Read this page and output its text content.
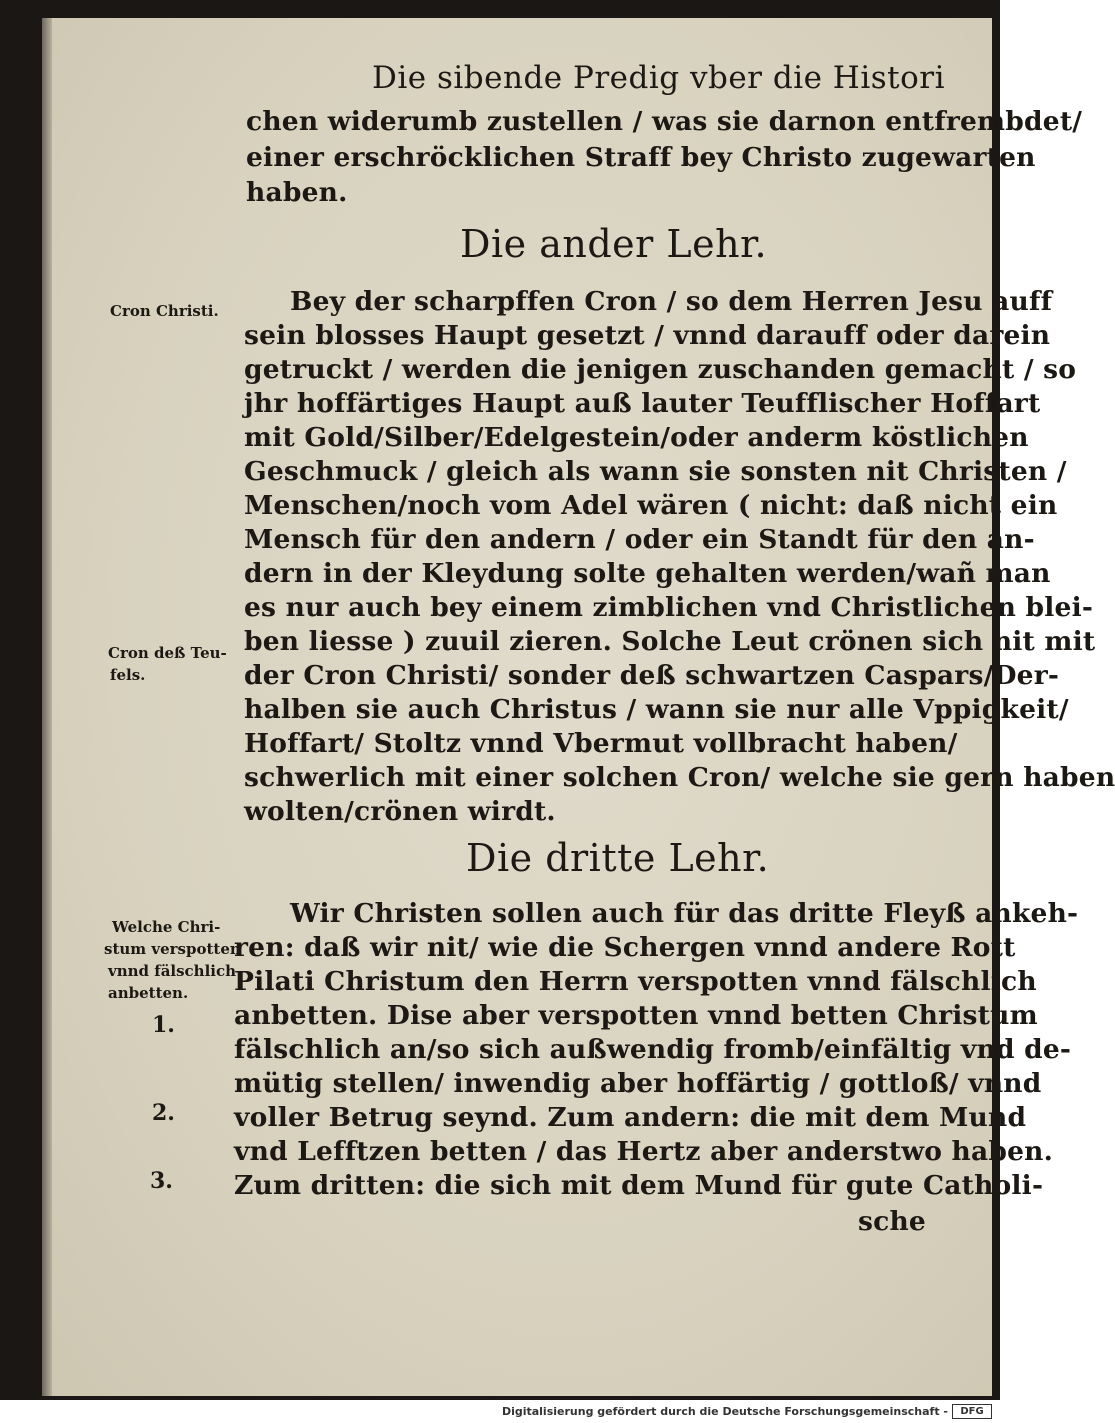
Die sibende Predig vber die Histori
chen widerumb zustellen / was sie darnon entfrembdet/
einer erschröcklichen Straff bey Christo zugewarten
haben.
Die ander Lehr.
Cron Christi.
Cron deß Teu-
fels.
Bey der scharpffen Cron / so dem Herren Jesu auff
sein blosses Haupt gesetzt / vnnd darauff oder darein
getruckt / werden die jenigen zuschanden gemacht / so
jhr hoffärtiges Haupt auß lauter Teufflischer Hoffart
mit Gold/Silber/Edelgestein/oder anderm köstlichen
Geschmuck / gleich als wann sie sonsten nit Christen /
Menschen/noch vom Adel wären ( nicht: daß nicht ein
Mensch für den andern / oder ein Standt für den an-
dern in der Kleydung solte gehalten werden/wañ man
es nur auch bey einem zimblichen vnd Christlichen blei-
ben liesse ) zuuil zieren. Solche Leut crönen sich nit mit
der Cron Christi/ sonder deß schwartzen Caspars/Der-
halben sie auch Christus / wann sie nur alle Vppigkeit/
Hoffart/ Stoltz vnnd Vbermut vollbracht haben/
schwerlich mit einer solchen Cron/ welche sie gern haben
wolten/crönen wirdt.
Die dritte Lehr.
Welche Chri-
stum verspotten
vnnd fälschlich
anbetten.
1.
2.
3.
Wir Christen sollen auch für das dritte Fleyß ankeh-
ren: daß wir nit/ wie die Schergen vnnd andere Rott
Pilati Christum den Herrn verspotten vnnd fälschlich
anbetten. Dise aber verspotten vnnd betten Christum
fälschlich an/so sich außwendig fromb/einfältig vnd de-
mütig stellen/ inwendig aber hoffärtig / gottloß/ vnnd
voller Betrug seynd. Zum andern: die mit dem Mund
vnd Lefftzen betten / das Hertz aber anderstwo haben.
Zum dritten: die sich mit dem Mund für gute Catholi-
sche
Digitalisierung gefördert durch die Deutsche Forschungsgemeinschaft -	DFG
